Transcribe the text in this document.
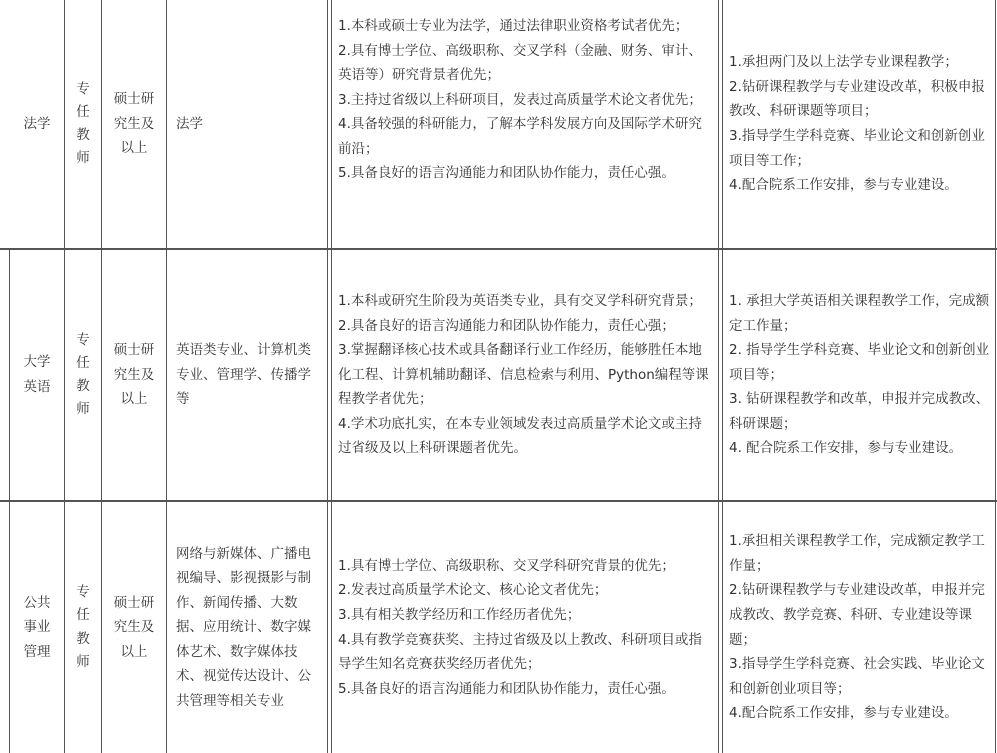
法学
专任教师
硕士研究生及以上
法学
1.本科或硕士专业为法学，通过法律职业资格考试者优先；
2.具有博士学位、高级职称、交叉学科（金融、财务、审计、英语等）研究背景者优先；
3.主持过省级以上科研项目，发表过高质量学术论文者优先；
4.具备较强的科研能力，了解本学科发展方向及国际学术研究前沿；
5.具备良好的语言沟通能力和团队协作能力，责任心强。
1.承担两门及以上法学专业课程教学；
2.钻研课程教学与专业建设改革，积极申报教改、科研课题等项目；
3.指导学生学科竞赛、毕业论文和创新创业项目等工作；
4.配合院系工作安排，参与专业建设。
大学英语
专任教师
硕士研究生及以上
英语类专业、计算机类专业、管理学、传播学等
1.本科或研究生阶段为英语类专业，具有交叉学科研究背景；
2.具备良好的语言沟通能力和团队协作能力，责任心强；
3.掌握翻译核心技术或具备翻译行业工作经历，能够胜任本地化工程、计算机辅助翻译、信息检索与利用、Python编程等课程教学者优先；
4.学术功底扎实，在本专业领域发表过高质量学术论文或主持过省级及以上科研课题者优先。
1. 承担大学英语相关课程教学工作，完成额定工作量；
2. 指导学生学科竞赛、毕业论文和创新创业项目等；
3. 钻研课程教学和改革，申报并完成教改、科研课题；
4. 配合院系工作安排，参与专业建设。
公共事业管理
专任教师
硕士研究生及以上
网络与新媒体、广播电视编导、影视摄影与制作、新闻传播、大数据、应用统计、数字媒体艺术、数字媒体技术、视觉传达设计、公共管理等相关专业
1.具有博士学位、高级职称、交叉学科研究背景的优先；
2.发表过高质量学术论文、核心论文者优先；
3.具有相关教学经历和工作经历者优先；
4.具有教学竞赛获奖、主持过省级及以上教改、科研项目或指导学生知名竞赛获奖经历者优先；
5.具备良好的语言沟通能力和团队协作能力，责任心强。
1.承担相关课程教学工作，完成额定教学工作量；
2.钻研课程教学与专业建设改革，申报并完成教改、教学竞赛、科研、专业建设等课题；
3.指导学生学科竞赛、社会实践、毕业论文和创新创业项目等；
4.配合院系工作安排，参与专业建设。
